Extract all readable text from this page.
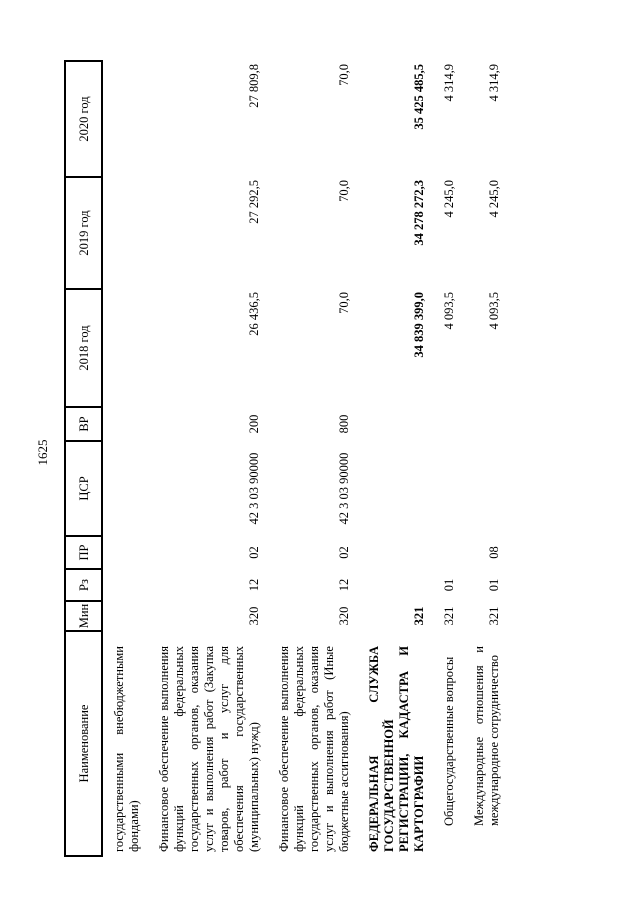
1625
Наименование	Мин	Рз	ПР	ЦСР	ВР	2018 год	2019 год	2020 год
государственными внебюджетными фондами)								
Финансовое обеспечение выполнения функций федеральных государственных органов, оказания услуг и выполнения работ (Закупка товаров, работ и услуг для обеспечения государственных (муниципальных) нужд)	320	12	02	42 3 03 90000	200	26 436,5	27 292,5	27 809,8
Финансовое обеспечение выполнения функций федеральных государственных органов, оказания услуг и выполнения работ (Иные бюджетные ассигнования)	320	12	02	42 3 03 90000	800	70,0	70,0	70,0
ФЕДЕРАЛЬНАЯ СЛУЖБА ГОСУДАРСТВЕННОЙ РЕГИСТРАЦИИ, КАДАСТРА И КАРТОГРАФИИ	321					34 839 399,0	34 278 272,3	35 425 485,5
Общегосударственные вопросы	321	01				4 093,5	4 245,0	4 314,9
Международные отношения и международное сотрудничество	321	01	08			4 093,5	4 245,0	4 314,9
